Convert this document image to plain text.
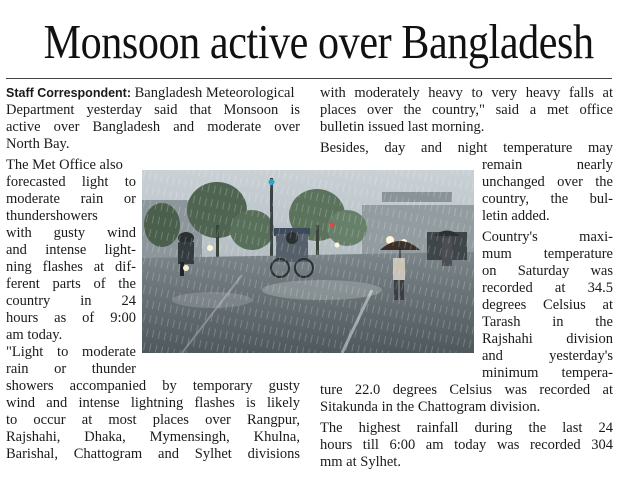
Monsoon active over Bangladesh
Staff Correspondent: Bangladesh Meteorological
Department yesterday said that Monsoon is
active over Bangladesh and moderate over
North Bay.
The Met Office also
forecasted light to
moderate rain or
thundershowers
with gusty wind
and intense light-
ning flashes at dif-
ferent parts of the
country in 24
hours as of 9:00
am today.
"Light to moderate
rain or thunder
showers accompanied by temporary gusty
wind and intense lightning flashes is likely
to occur at most places over Rangpur,
Rajshahi, Dhaka, Mymensingh, Khulna,
Barishal, Chattogram and Sylhet divisions
with moderately heavy to very heavy falls at
places over the country," said a met office
bulletin issued last morning.
Besides, day and night temperature may
remain nearly
unchanged over the
country, the bul-
letin added.
Country's maxi-
mum temperature
on Saturday was
recorded at 34.5
degrees Celsius at
Tarash in the
Rajshahi division
and yesterday's
minimum tempera-
ture 22.0 degrees Celsius was recorded at
Sitakunda in the Chattogram division.
The highest rainfall during the last 24
hours till 6:00 am today was recorded 304
mm at Sylhet.
